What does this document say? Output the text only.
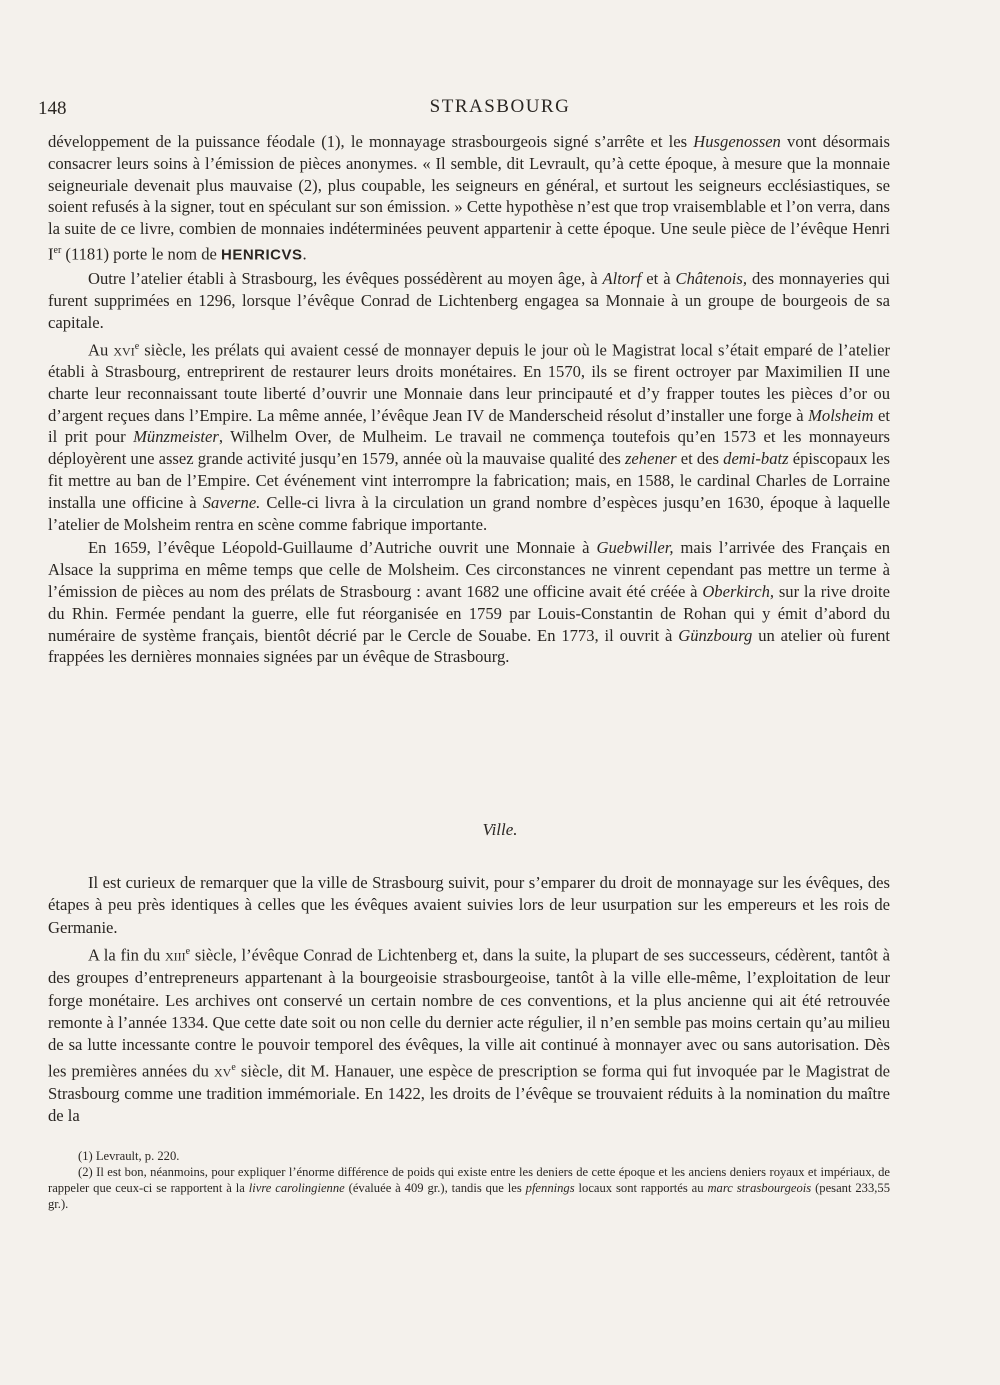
148	STRASBOURG

développement de la puissance féodale (1), le monnayage strasbourgeois signé s’arrête et les Husgenossen vont désormais consacrer leurs soins à l’émission de pièces anonymes. « Il semble, dit Levrault, qu’à cette époque, à mesure que la monnaie seigneuriale devenait plus mauvaise (2), plus coupable, les seigneurs en général, et surtout les seigneurs ecclésiastiques, se soient refusés à la signer, tout en spéculant sur son émission. » Cette hypothèse n’est que trop vraisemblable et l’on verra, dans la suite de ce livre, combien de monnaies indéterminées peuvent appartenir à cette époque. Une seule pièce de l’évêque Henri Ier (1181) porte le nom de HENRICVS.

Outre l’atelier établi à Strasbourg, les évêques possédèrent au moyen âge, à Altorf et à Châtenois, des monnayeries qui furent supprimées en 1296, lorsque l’évêque Conrad de Lichtenberg engagea sa Monnaie à un groupe de bourgeois de sa capitale.

Au xvi$^e$ siècle, les prélats qui avaient cessé de monnayer depuis le jour où le Magistrat local s’était emparé de l’atelier établi à Strasbourg, entreprirent de restaurer leurs droits monétaires. En 1570, ils se firent octroyer par Maximilien II une charte leur reconnaissant toute liberté d’ouvrir une Monnaie dans leur principauté et d’y frapper toutes les pièces d’or ou d’argent reçues dans l’Empire. La même année, l’évêque Jean IV de Manderscheid résolut d’installer une forge à Molsheim et il prit pour Münzmeister, Wilhelm Over, de Mulheim. Le travail ne commença toutefois qu’en 1573 et les monnayeurs déployèrent une assez grande activité jusqu’en 1579, année où la mauvaise qualité des zehener et des demi-batz épiscopaux les fit mettre au ban de l’Empire. Cet événement vint interrompre la fabrication; mais, en 1588, le cardinal Charles de Lorraine installa une officine à Saverne. Celle-ci livra à la circulation un grand nombre d’espèces jusqu’en 1630, époque à laquelle l’atelier de Molsheim rentra en scène comme fabrique importante.

En 1659, l’évêque Léopold-Guillaume d’Autriche ouvrit une Monnaie à Guebwiller, mais l’arrivée des Français en Alsace la supprima en même temps que celle de Molsheim. Ces circonstances ne vinrent cependant pas mettre un terme à l’émission de pièces au nom des prélats de Strasbourg : avant 1682 une officine avait été créée à Oberkirch, sur la rive droite du Rhin. Fermée pendant la guerre, elle fut réorganisée en 1759 par Louis-Constantin de Rohan qui y émit d’abord du numéraire de système français, bientôt décrié par le Cercle de Souabe. En 1773, il ouvrit à Günzbourg un atelier où furent frappées les dernières monnaies signées par un évêque de Strasbourg.

Ville.

Il est curieux de remarquer que la ville de Strasbourg suivit, pour s’emparer du droit de monnayage sur les évêques, des étapes à peu près identiques à celles que les évêques avaient suivies lors de leur usurpation sur les empereurs et les rois de Germanie.

A la fin du xiii$^e$ siècle, l’évêque Conrad de Lichtenberg et, dans la suite, la plupart de ses successeurs, cédèrent, tantôt à des groupes d’entrepreneurs appartenant à la bourgeoisie strasbourgeoise, tantôt à la ville elle-même, l’exploitation de leur forge monétaire. Les archives ont conservé un certain nombre de ces conventions, et la plus ancienne qui ait été retrouvée remonte à l’année 1334. Que cette date soit ou non celle du dernier acte régulier, il n’en semble pas moins certain qu’au milieu de sa lutte incessante contre le pouvoir temporel des évêques, la ville ait continué à monnayer avec ou sans autorisation. Dès les premières années du $xv^e$ siècle, dit M. Hanauer, une espèce de prescription se forma qui fut invoquée par le Magistrat de Strasbourg comme une tradition immémoriale. En 1422, les droits de l’évêque se trouvaient réduits à la nomination du maître de la

(1) Levrault, p. 220.

(2) Il est bon, néanmoins, pour expliquer l’énorme différence de poids qui existe entre les deniers de cette époque et les anciens deniers royaux et impériaux, de rappeler que ceux-ci se rapportent à la livre carolingienne (évaluée à 409 gr.), tandis que les pfennings locaux sont rapportés au marc strasbourgeois (pesant 233,55 gr.).
